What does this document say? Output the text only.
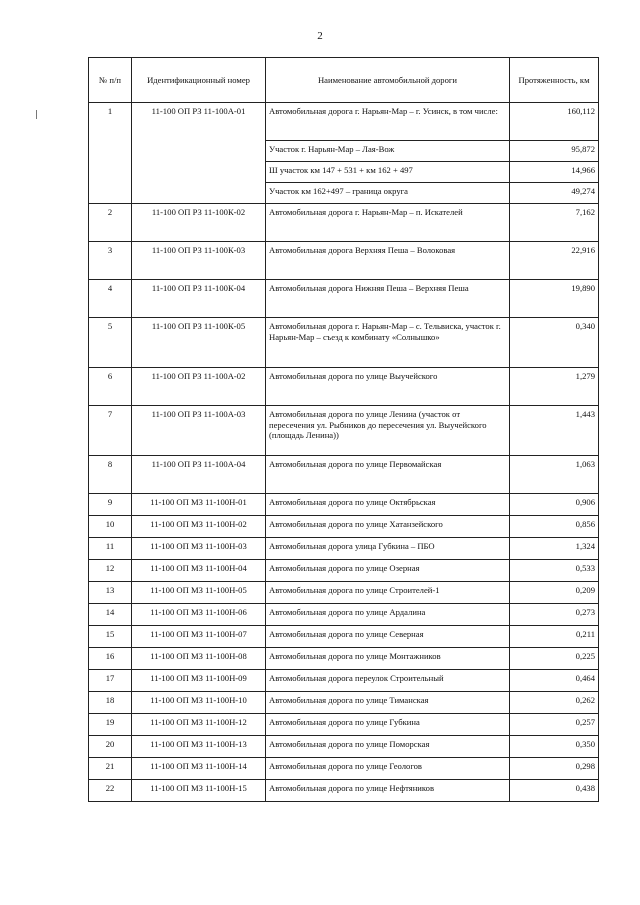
2
№ п/п	Идентификационный номер	Наименование автомобильной дороги	Протяженность, км
1	11-100 ОП РЗ 11-100А-01	Автомобильная дорога г. Нарьян-Мар – г. Усинск, в том числе:	160,112
		Участок г. Нарьян-Мар – Лая-Вож	95,872
		Ш участок км 147 + 531 + км 162 + 497	14,966
		Участок км 162+497 – граница округа	49,274
2	11-100 ОП РЗ 11-100К-02	Автомобильная дорога г. Нарьян-Мар – п. Искателей	7,162
3	11-100 ОП РЗ 11-100К-03	Автомобильная дорога Верхняя Пеша – Волоковая	22,916
4	11-100 ОП РЗ 11-100К-04	Автомобильная дорога Нижняя Пеша – Верхняя Пеша	19,890
5	11-100 ОП РЗ 11-100К-05	Автомобильная дорога г. Нарьян-Мар – с. Тельвиска, участок г. Нарьян-Мар – съезд к комбинату «Солнышко»	0,340
6	11-100 ОП РЗ 11-100А-02	Автомобильная дорога по улице Выучейского	1,279
7	11-100 ОП РЗ 11-100А-03	Автомобильная дорога по улице Ленина (участок от пересечения ул. Рыбников до пересечения ул. Выучейского (площадь Ленина))	1,443
8	11-100 ОП РЗ 11-100А-04	Автомобильная дорога по улице Первомайская	1,063
9	11-100 ОП МЗ 11-100Н-01	Автомобильная дорога по улице Октябрьская	0,906
10	11-100 ОП МЗ 11-100Н-02	Автомобильная дорога по улице Хатанзейского	0,856
11	11-100 ОП МЗ 11-100Н-03	Автомобильная дорога улица Губкина – ПБО	1,324
12	11-100 ОП МЗ 11-100Н-04	Автомобильная дорога по улице Озерная	0,533
13	11-100 ОП МЗ 11-100Н-05	Автомобильная дорога по улице Строителей-1	0,209
14	11-100 ОП МЗ 11-100Н-06	Автомобильная дорога по улице Ардалина	0,273
15	11-100 ОП МЗ 11-100Н-07	Автомобильная дорога по улице Северная	0,211
16	11-100 ОП МЗ 11-100Н-08	Автомобильная дорога по улице Монтажников	0,225
17	11-100 ОП МЗ 11-100Н-09	Автомобильная дорога переулок Строительный	0,464
18	11-100 ОП МЗ 11-100Н-10	Автомобильная дорога по улице Тиманская	0,262
19	11-100 ОП МЗ 11-100Н-12	Автомобильная дорога по улице Губкина	0,257
20	11-100 ОП МЗ 11-100Н-13	Автомобильная дорога по улице Поморская	0,350
21	11-100 ОП МЗ 11-100Н-14	Автомобильная дорога по улице Геологов	0,298
22	11-100 ОП МЗ 11-100Н-15	Автомобильная дорога по улице Нефтяников	0,438
